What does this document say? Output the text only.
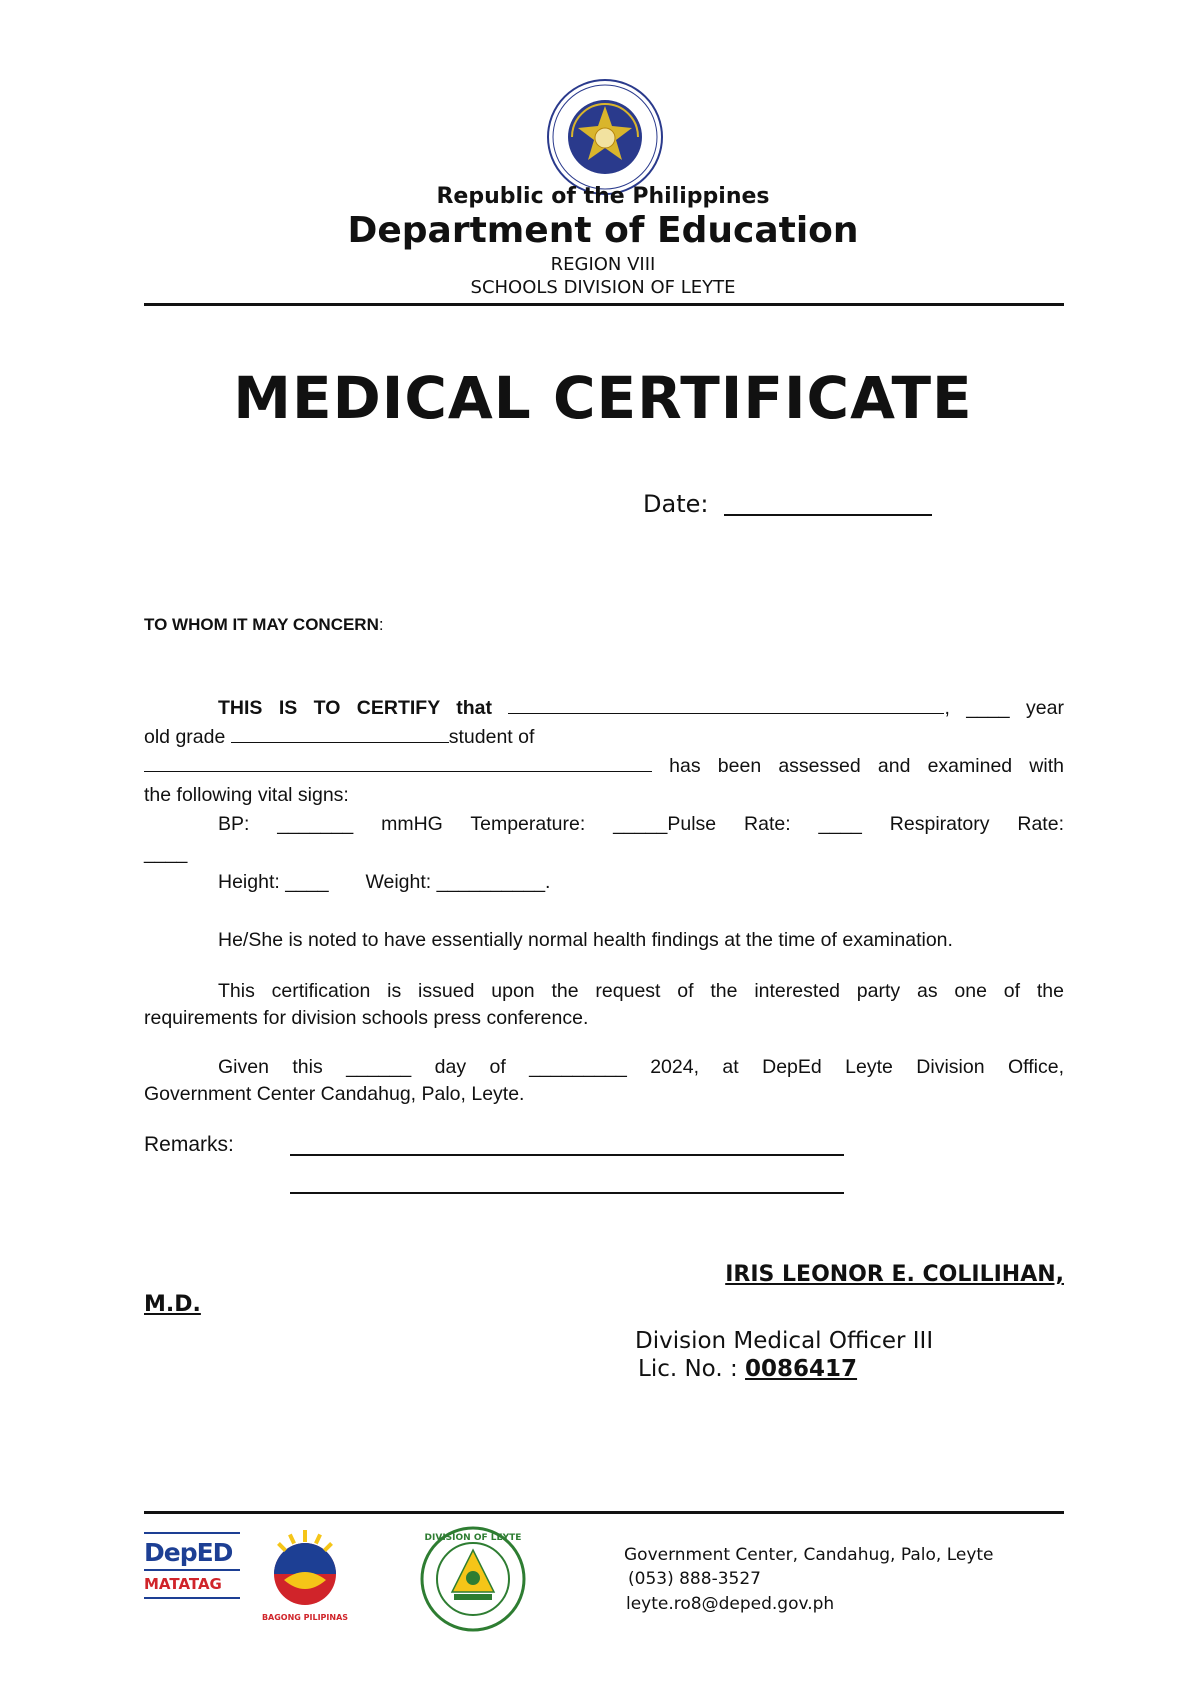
Republic of the Philippines
Department of Education
REGION VIII
SCHOOLS DIVISION OF LEYTE
MEDICAL CERTIFICATE
Date:
TO WHOM IT MAY CONCERN:
THIS IS TO CERTIFY that	, ____ year
old grade	student of
has been assessed and examined with
the following vital signs:
BP: _______ mmHG Temperature: _____Pulse Rate: ____ Respiratory Rate:
____
Height: ____ Weight: __________.
He/She is noted to have essentially normal health findings at the time of examination.
This certification is issued upon the request of the interested party as one of the
requirements for division schools press conference.
Given this ______ day of _________ 2024, at DepEd Leyte Division Office,
Government Center Candahug, Palo, Leyte.
Remarks:
IRIS LEONOR E. COLILIHAN,
M.D.
Division Medical Officer III
Lic. No. : 0086417
DepED
MATATAG
BAGONG PILIPINAS
DIVISION OF LEYTE
Government Center, Candahug, Palo, Leyte
(053) 888-3527
leyte.ro8@deped.gov.ph
